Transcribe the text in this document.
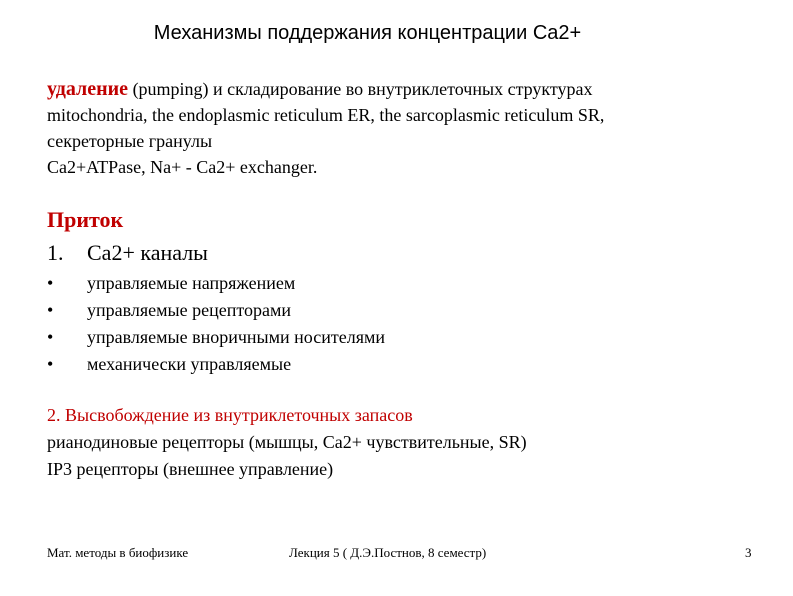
Механизмы поддержания концентрации Ca2+
удаление (pumping) и складирование во внутриклеточных структурах
mitochondria, the endoplasmic reticulum ER, the sarcoplasmic reticulum SR,
секреторные гранулы
Ca2+ATPase, Na+ - Ca2+ exchanger.
Приток
1. Ca2+ каналы
• управляемые напряжением
• управляемые рецепторами
• управляемые вноричными носителями
• механически управляемые
2. Высвобождение из внутриклеточных запасов
рианодиновые рецепторы (мышцы, Ca2+ чувствительные, SR)
IP3 рецепторы (внешнее управление)
Мат. методы в биофизике	Лекция 5 ( Д.Э.Постнов, 8 семестр)	3
